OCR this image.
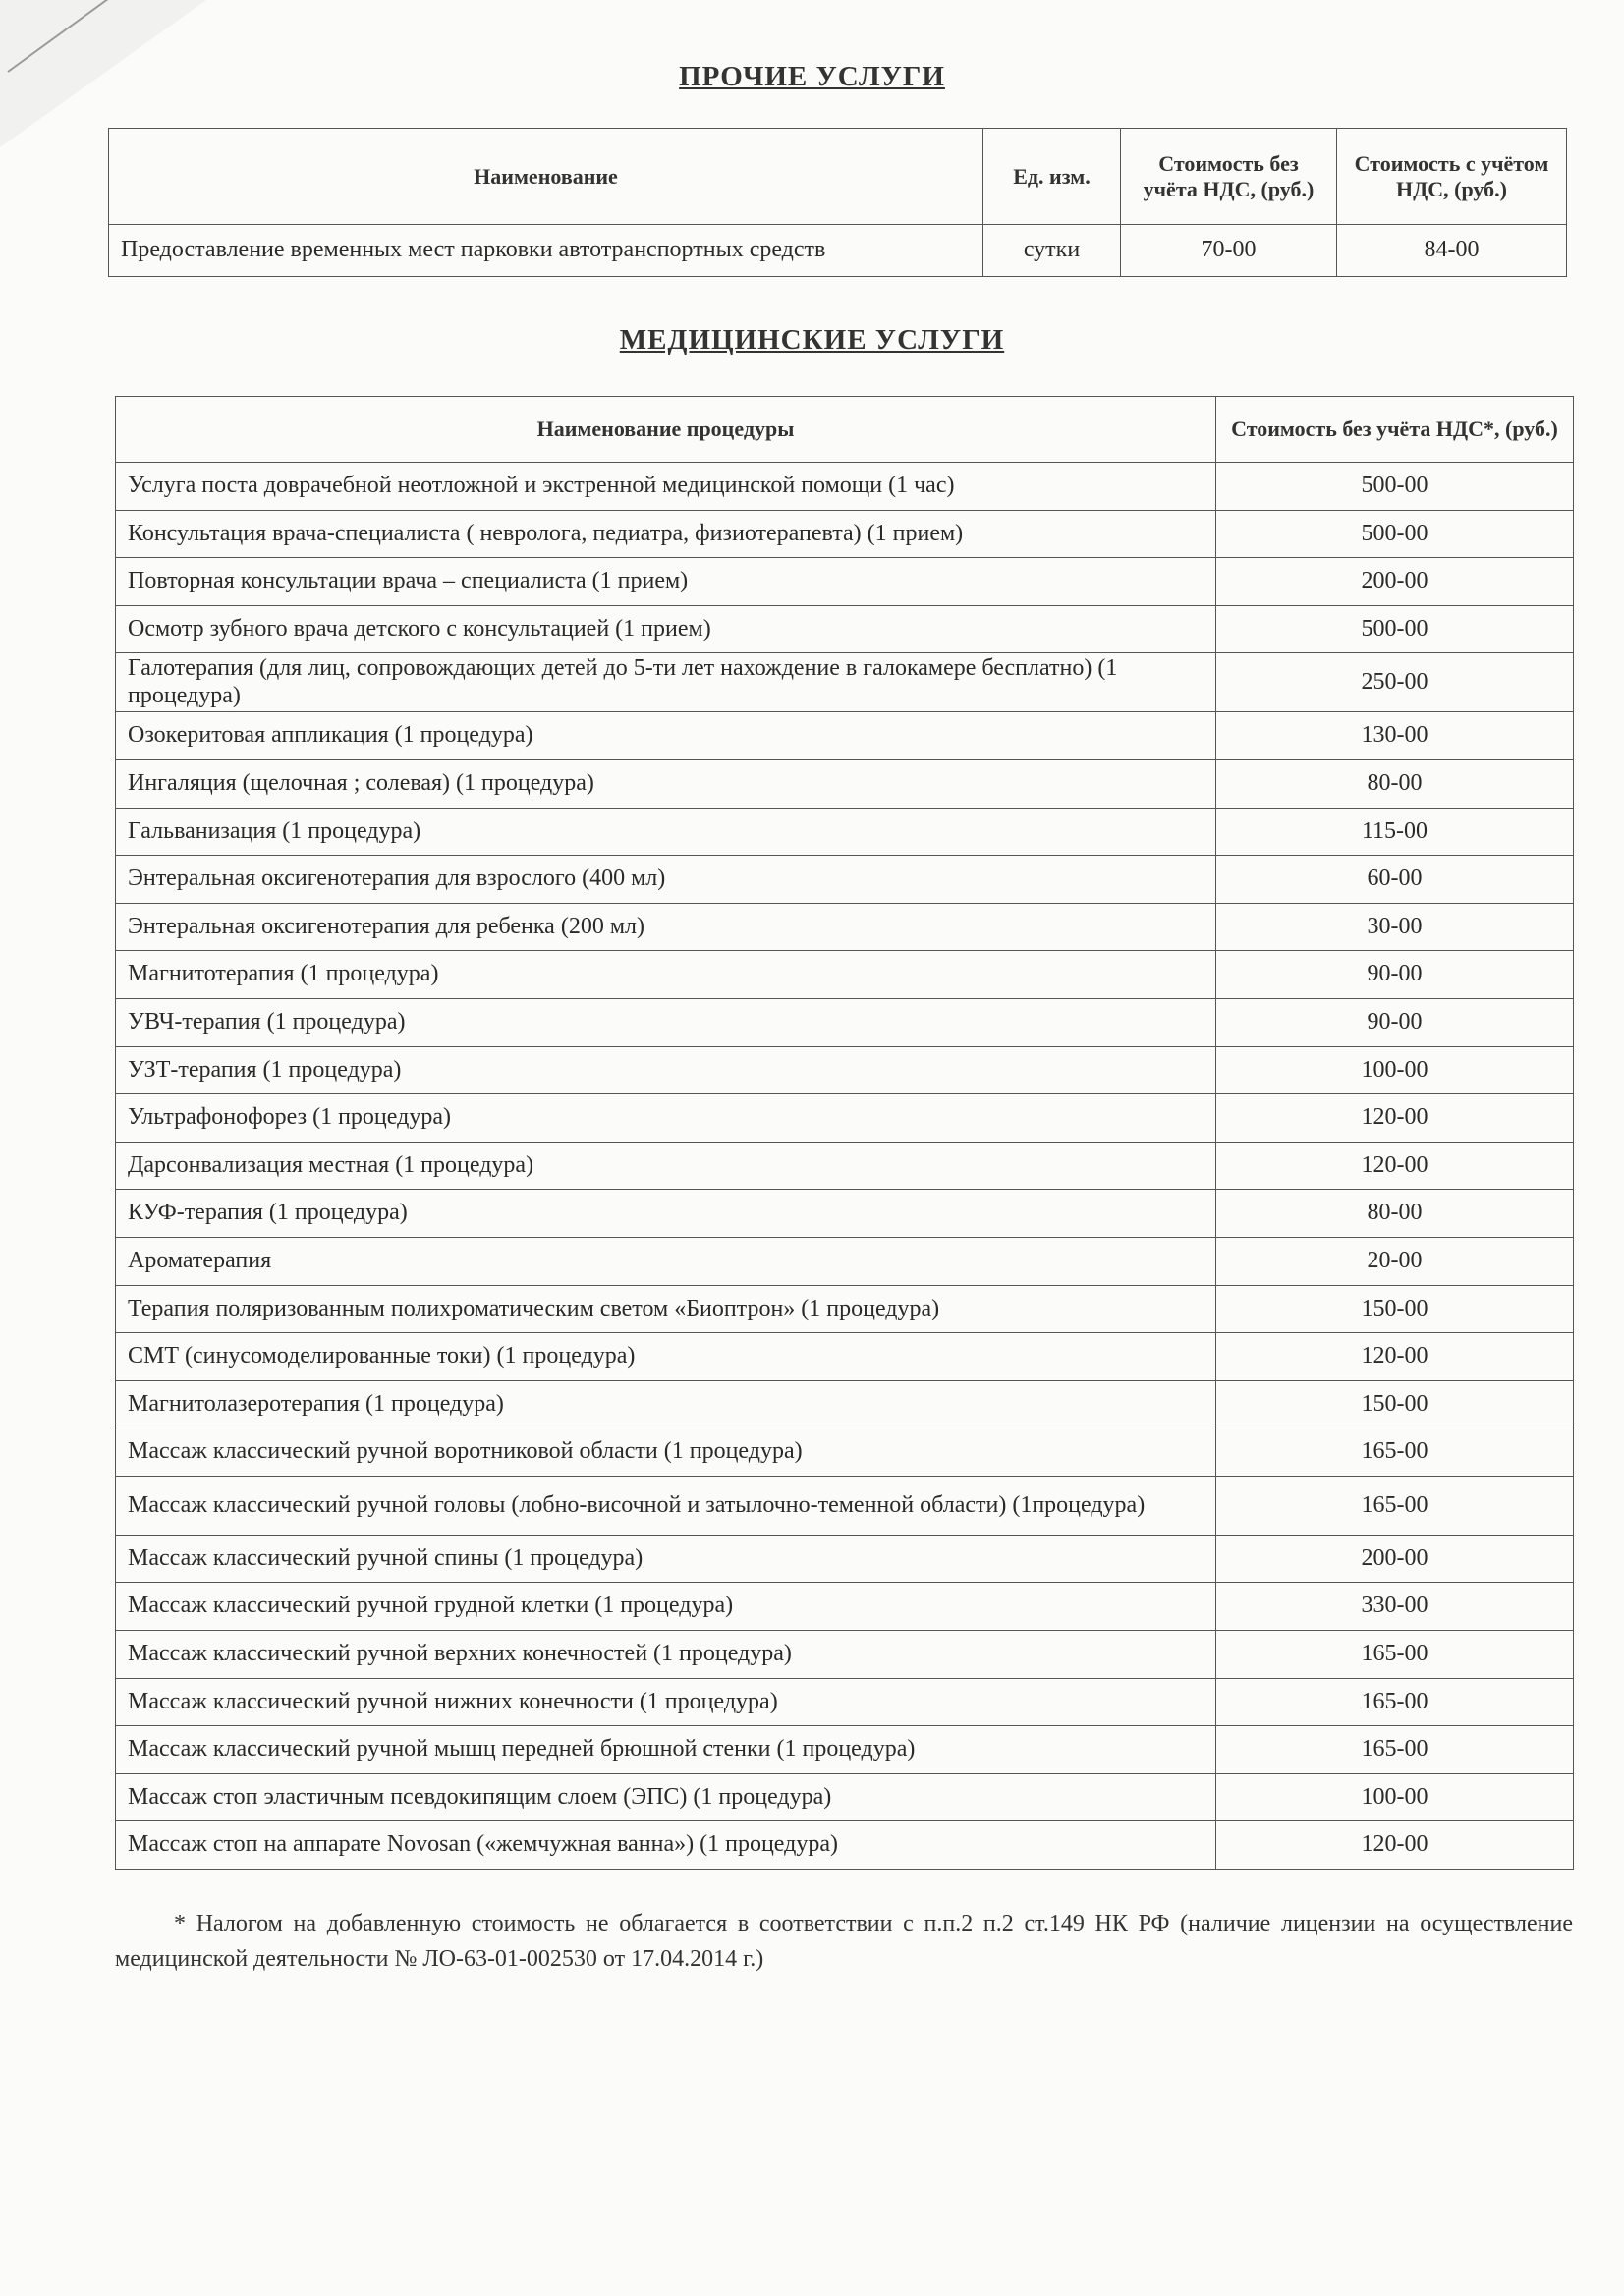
ПРОЧИЕ УСЛУГИ
Наименование	Ед. изм.	Стоимость без учёта НДС, (руб.)	Стоимость с учётом НДС, (руб.)
Предоставление временных мест парковки автотранспортных средств	сутки	70-00	84-00
МЕДИЦИНСКИЕ УСЛУГИ
Наименование процедуры	Стоимость без учёта НДС*, (руб.)
Услуга поста доврачебной неотложной и экстренной медицинской помощи (1 час)	500-00
Консультация врача-специалиста ( невролога, педиатра, физиотерапевта) (1 прием)	500-00
Повторная консультации врача – специалиста (1 прием)	200-00
Осмотр зубного врача детского с консультацией (1 прием)	500-00
Галотерапия (для лиц, сопровождающих детей до 5-ти лет нахождение в галокамере бесплатно) (1 процедура)	250-00
Озокеритовая аппликация (1 процедура)	130-00
Ингаляция (щелочная ; солевая) (1 процедура)	80-00
Гальванизация (1 процедура)	115-00
Энтеральная оксигенотерапия для взрослого (400 мл)	60-00
Энтеральная оксигенотерапия для ребенка (200 мл)	30-00
Магнитотерапия (1 процедура)	90-00
УВЧ-терапия (1 процедура)	90-00
УЗТ-терапия (1 процедура)	100-00
Ультрафонофорез (1 процедура)	120-00
Дарсонвализация местная (1 процедура)	120-00
КУФ-терапия (1 процедура)	80-00
Ароматерапия	20-00
Терапия поляризованным полихроматическим светом «Биоптрон» (1 процедура)	150-00
СМТ (синусомоделированные токи) (1 процедура)	120-00
Магнитолазеротерапия (1 процедура)	150-00
Массаж классический ручной воротниковой области (1 процедура)	165-00
Массаж классический ручной головы (лобно-височной и затылочно-теменной области) (1процедура)	165-00
Массаж классический ручной спины (1 процедура)	200-00
Массаж классический ручной грудной клетки (1 процедура)	330-00
Массаж классический ручной верхних конечностей (1 процедура)	165-00
Массаж классический ручной нижних конечности (1 процедура)	165-00
Массаж классический ручной мышц передней брюшной стенки (1 процедура)	165-00
Массаж стоп эластичным псевдокипящим слоем (ЭПС) (1 процедура)	100-00
Массаж стоп на аппарате Novosan («жемчужная ванна») (1 процедура)	120-00

* Налогом на добавленную стоимость не облагается в соответствии с п.п.2 п.2 ст.149 НК РФ (наличие лицензии на осуществление медицинской деятельности № ЛО-63-01-002530 от 17.04.2014 г.)
